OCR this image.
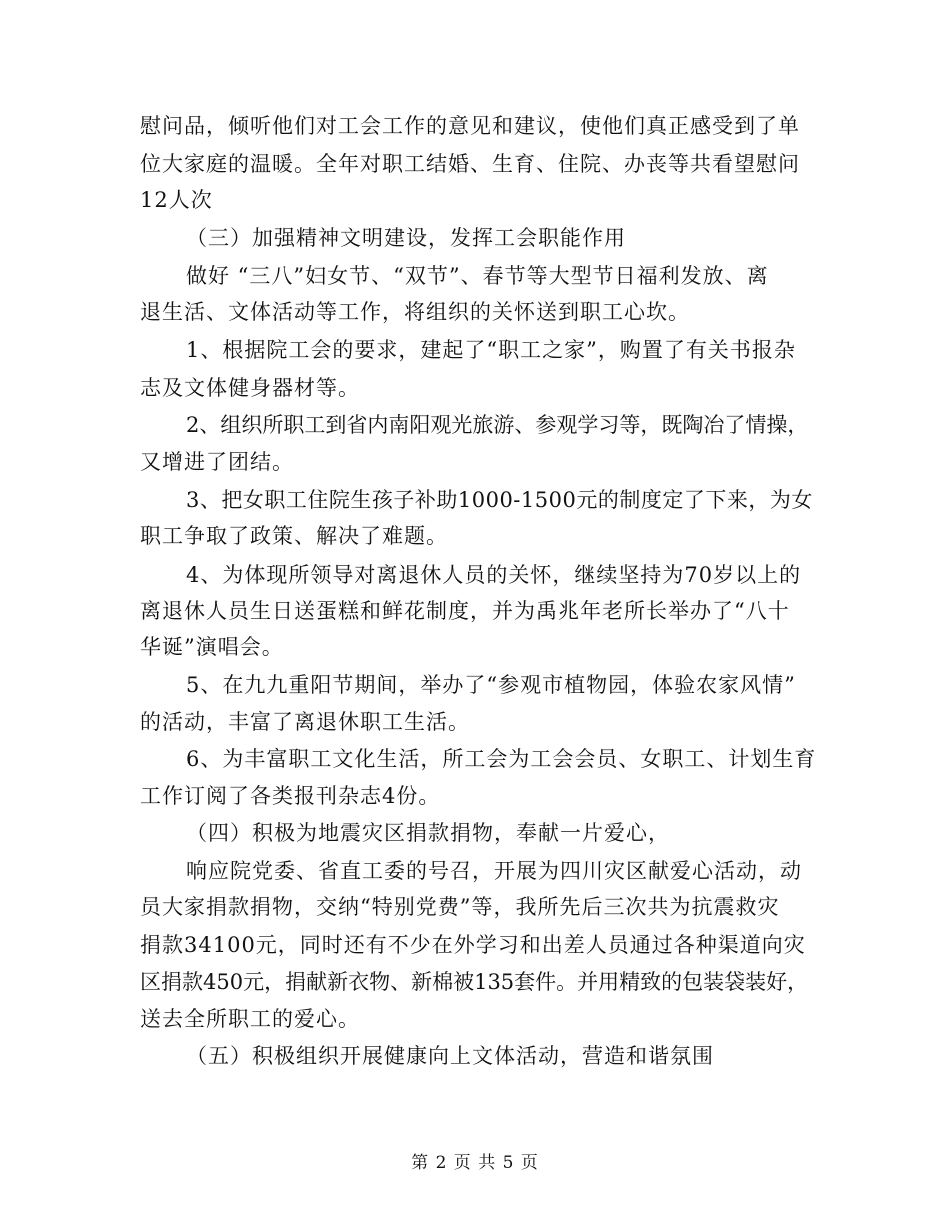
慰问品，倾听他们对工会工作的意见和建议，使他们真正感受到了单
位大家庭的温暖。全年对职工结婚、生育、住院、办丧等共看望慰问
12人次
（三）加强精神文明建设，发挥工会职能作用
做好 “三八”妇女节、“双节”、春节等大型节日福利发放、离
退生活、文体活动等工作，将组织的关怀送到职工心坎。
1、根据院工会的要求，建起了“职工之家”，购置了有关书报杂
志及文体健身器材等。
2、组织所职工到省内南阳观光旅游、参观学习等，既陶冶了情操，
又增进了团结。
3、把女职工住院生孩子补助1000-1500元的制度定了下来，为女
职工争取了政策、解决了难题。
4、为体现所领导对离退休人员的关怀，继续坚持为70岁以上的
离退休人员生日送蛋糕和鲜花制度，并为禹兆年老所长举办了“八十
华诞”演唱会。
5、在九九重阳节期间，举办了“参观市植物园，体验农家风情”
的活动，丰富了离退休职工生活。
6、为丰富职工文化生活，所工会为工会会员、女职工、计划生育
工作订阅了各类报刊杂志4份。
（四）积极为地震灾区捐款捐物，奉献一片爱心，
响应院党委、省直工委的号召，开展为四川灾区献爱心活动，动
员大家捐款捐物，交纳“特别党费”等，我所先后三次共为抗震救灾
捐款34100元，同时还有不少在外学习和出差人员通过各种渠道向灾
区捐款450元，捐献新衣物、新棉被135套件。并用精致的包装袋装好，
送去全所职工的爱心。
（五）积极组织开展健康向上文体活动，营造和谐氛围
第 2 页 共 5 页
